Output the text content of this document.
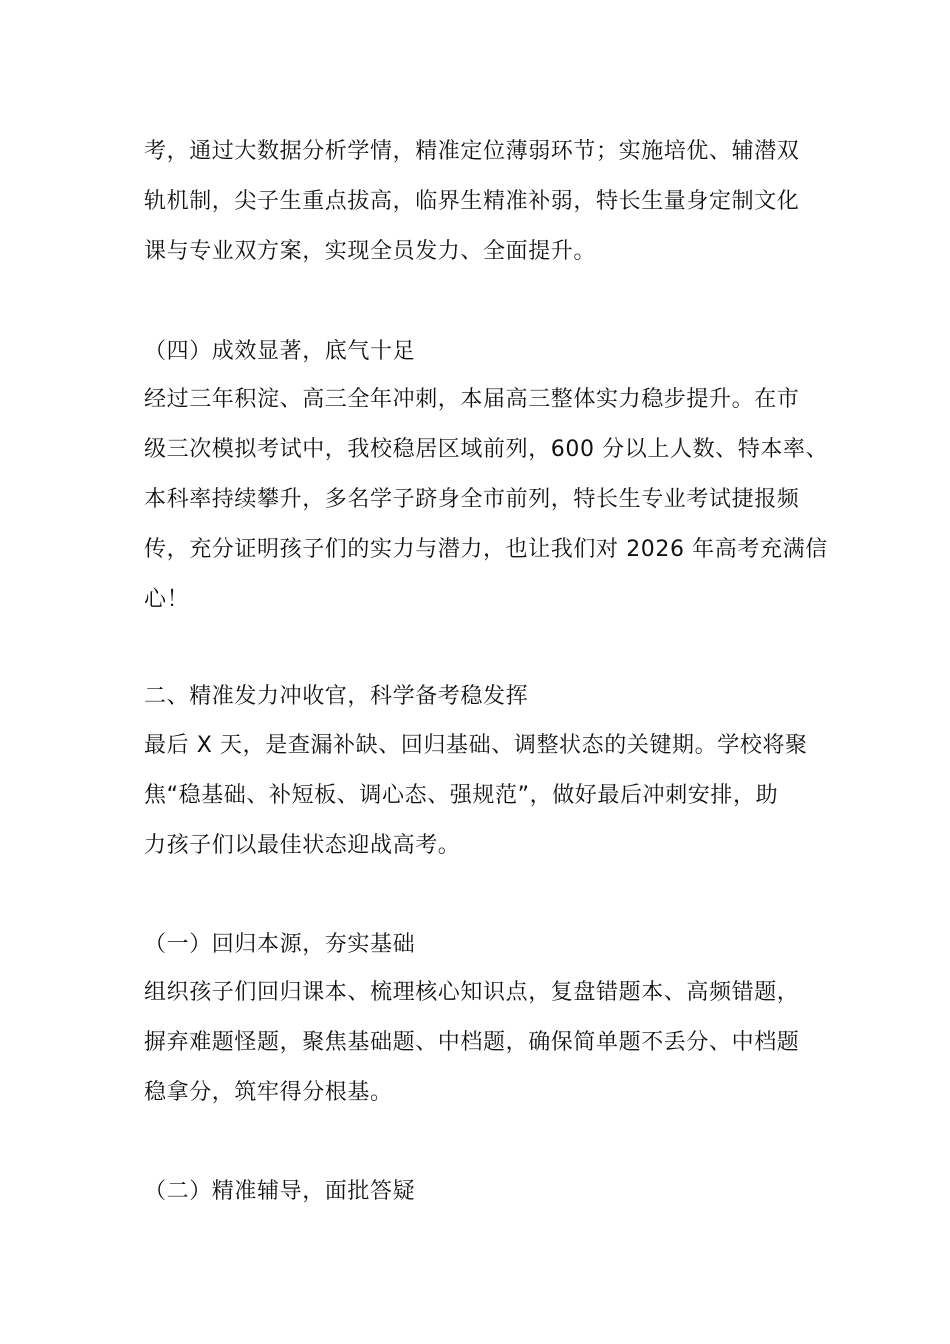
考，通过大数据分析学情，精准定位薄弱环节；实施培优、辅潜双
轨机制，尖子生重点拔高，临界生精准补弱，特长生量身定制文化
课与专业双方案，实现全员发力、全面提升。
（四）成效显著，底气十足
经过三年积淀、高三全年冲刺，本届高三整体实力稳步提升。在市
级三次模拟考试中，我校稳居区域前列，600 分以上人数、特本率、
本科率持续攀升，多名学子跻身全市前列，特长生专业考试捷报频
传，充分证明孩子们的实力与潜力，也让我们对 2026 年高考充满信
心！
二、精准发力冲收官，科学备考稳发挥
最后 X 天，是查漏补缺、回归基础、调整状态的关键期。学校将聚
焦“稳基础、补短板、调心态、强规范”，做好最后冲刺安排，助
力孩子们以最佳状态迎战高考。
（一）回归本源，夯实基础
组织孩子们回归课本、梳理核心知识点，复盘错题本、高频错题，
摒弃难题怪题，聚焦基础题、中档题，确保简单题不丢分、中档题
稳拿分，筑牢得分根基。
（二）精准辅导，面批答疑
